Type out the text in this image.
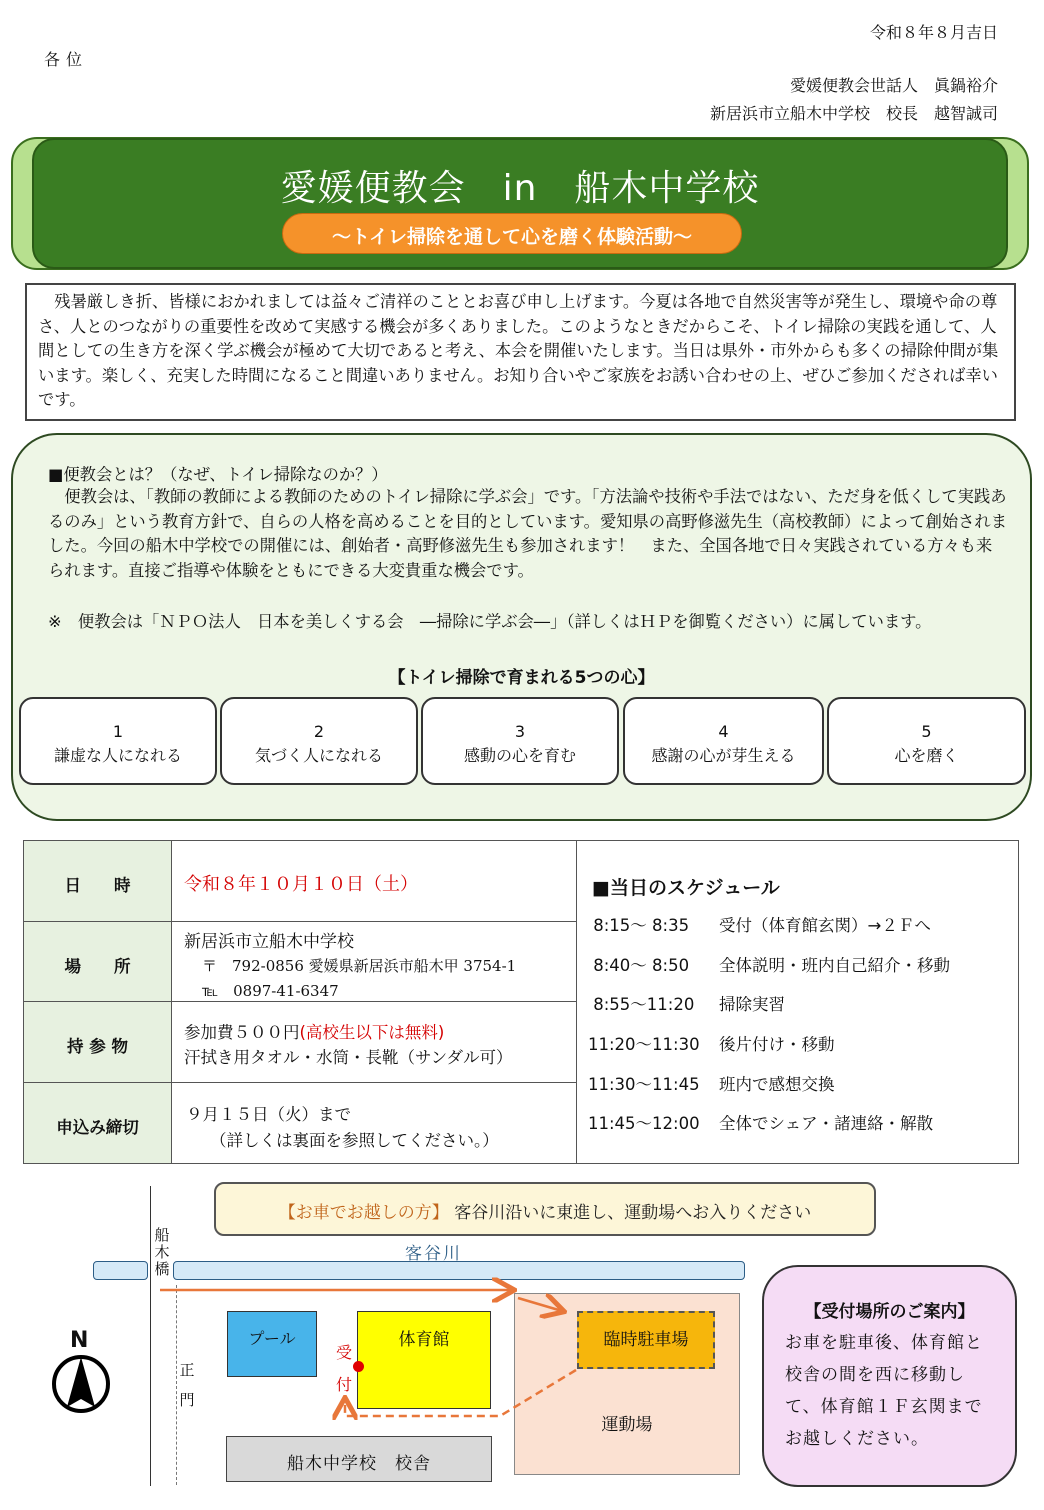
令和８年８月吉日
各位
愛媛便教会世話人　眞鍋裕介
新居浜市立船木中学校　校長　越智誠司
愛媛便教会　in　船木中学校
～トイレ掃除を通して心を磨く体験活動～
　残暑厳しき折、皆様におかれましては益々ご清祥のこととお喜び申し上げます。今夏は各地で自然災害等が発生し、環境や命の尊さ、人とのつながりの重要性を改めて実感する機会が多くありました。このようなときだからこそ、トイレ掃除の実践を通して、人間としての生き方を深く学ぶ機会が極めて大切であると考え、本会を開催いたします。当日は県外・市外からも多くの掃除仲間が集います。楽しく、充実した時間になること間違いありません。お知り合いやご家族をお誘い合わせの上、ぜひご参加くだされば幸いです。
■便教会とは？（なぜ、トイレ掃除なのか？）
　便教会は、「教師の教師による教師のためのトイレ掃除に学ぶ会」です。「方法論や技術や手法ではない、ただ身を低くして実践あるのみ」という教育方針で、自らの人格を高めることを目的としています。愛知県の高野修滋先生（高校教師）によって創始されました。今回の船木中学校での開催には、創始者・高野修滋先生も参加されます！　また、全国各地で日々実践されている方々も来られます。直接ご指導や体験をともにできる大変貴重な機会です。
※　便教会は「ＮＰＯ法人　日本を美しくする会　―掃除に学ぶ会―」（詳しくはＨＰを御覧ください）に属しています。
【トイレ掃除で育まれる5つの心】
1
謙虚な人になれる
2
気づく人になれる
3
感動の心を育む
4
感謝の心が芽生える
5
心を磨く
日　　時	令和８年１０月１０日（土）
場　　所
新居浜市立船木中学校
〒　792-0856 愛媛県新居浜市船木甲 3754-1
℡　0897-41-6347
持 参 物
参加費５００円(高校生以下は無料)
汗拭き用タオル・水筒・長靴（サンダル可）
申込み締切
９月１５日（火）まで
（詳しくは裏面を参照してください。）
■当日のスケジュール
8:15～ 8:35 受付（体育館玄関）→２Ｆへ
8:40～ 8:50 全体説明・班内自己紹介・移動
8:55～11:20 掃除実習
11:20～11:30 後片付け・移動
11:30～11:45 班内で感想交換
11:45～12:00 全体でシェア・諸連絡・解散
【お車でお越しの方】 客谷川沿いに東進し、運動場へお入りください
客谷川
船木橋
正門
運動場
臨時駐車場
プール	体育館
受付
船木中学校　校舎
N
【受付場所のご案内】
お車を駐車後、体育館と校舎の間を西に移動して、体育館１Ｆ玄関までお越しください。
